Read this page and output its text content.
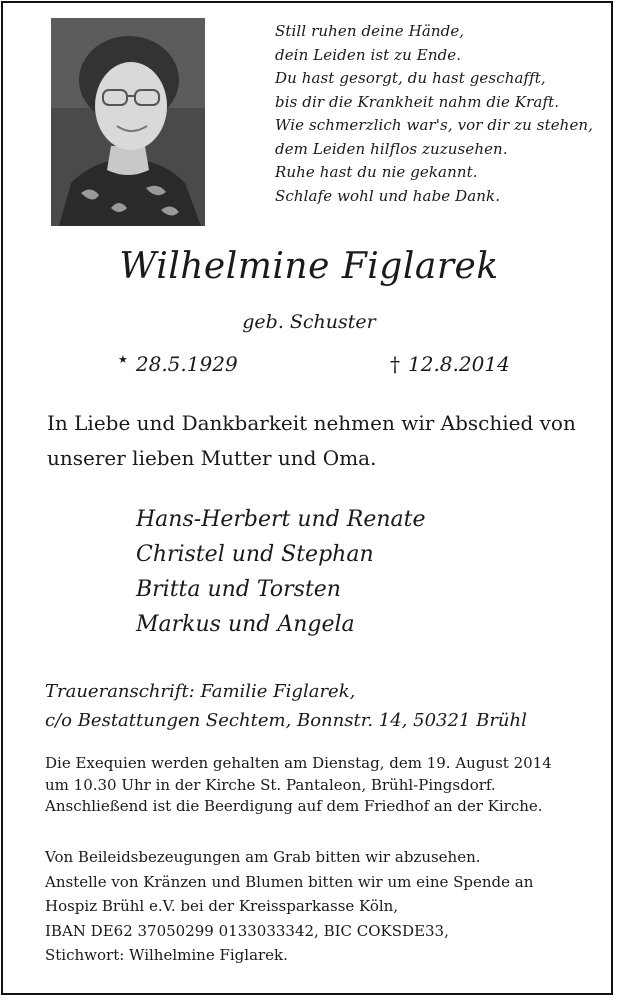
Still ruhen deine Hände,
dein Leiden ist zu Ende.
Du hast gesorgt, du hast geschafft,
bis dir die Krankheit nahm die Kraft.
Wie schmerzlich war's, vor dir zu stehen,
dem Leiden hilflos zuzusehen.
Ruhe hast du nie gekannt.
Schlafe wohl und habe Dank.
Wilhelmine Figlarek
geb. Schuster
★ 28.5.1929	† 12.8.2014
In Liebe und Dankbarkeit nehmen wir Abschied von
unserer lieben Mutter und Oma.
Hans-Herbert und Renate
Christel und Stephan
Britta und Torsten
Markus und Angela
Traueranschrift: Familie Figlarek,
c/o Bestattungen Sechtem, Bonnstr. 14, 50321 Brühl
Die Exequien werden gehalten am Dienstag, dem 19. August 2014
um 10.30 Uhr in der Kirche St. Pantaleon, Brühl-Pingsdorf.
Anschließend ist die Beerdigung auf dem Friedhof an der Kirche.
Von Beileidsbezeugungen am Grab bitten wir abzusehen.
Anstelle von Kränzen und Blumen bitten wir um eine Spende an
Hospiz Brühl e.V. bei der Kreissparkasse Köln,
IBAN DE62 37050299 0133033342, BIC COKSDE33,
Stichwort: Wilhelmine Figlarek.
